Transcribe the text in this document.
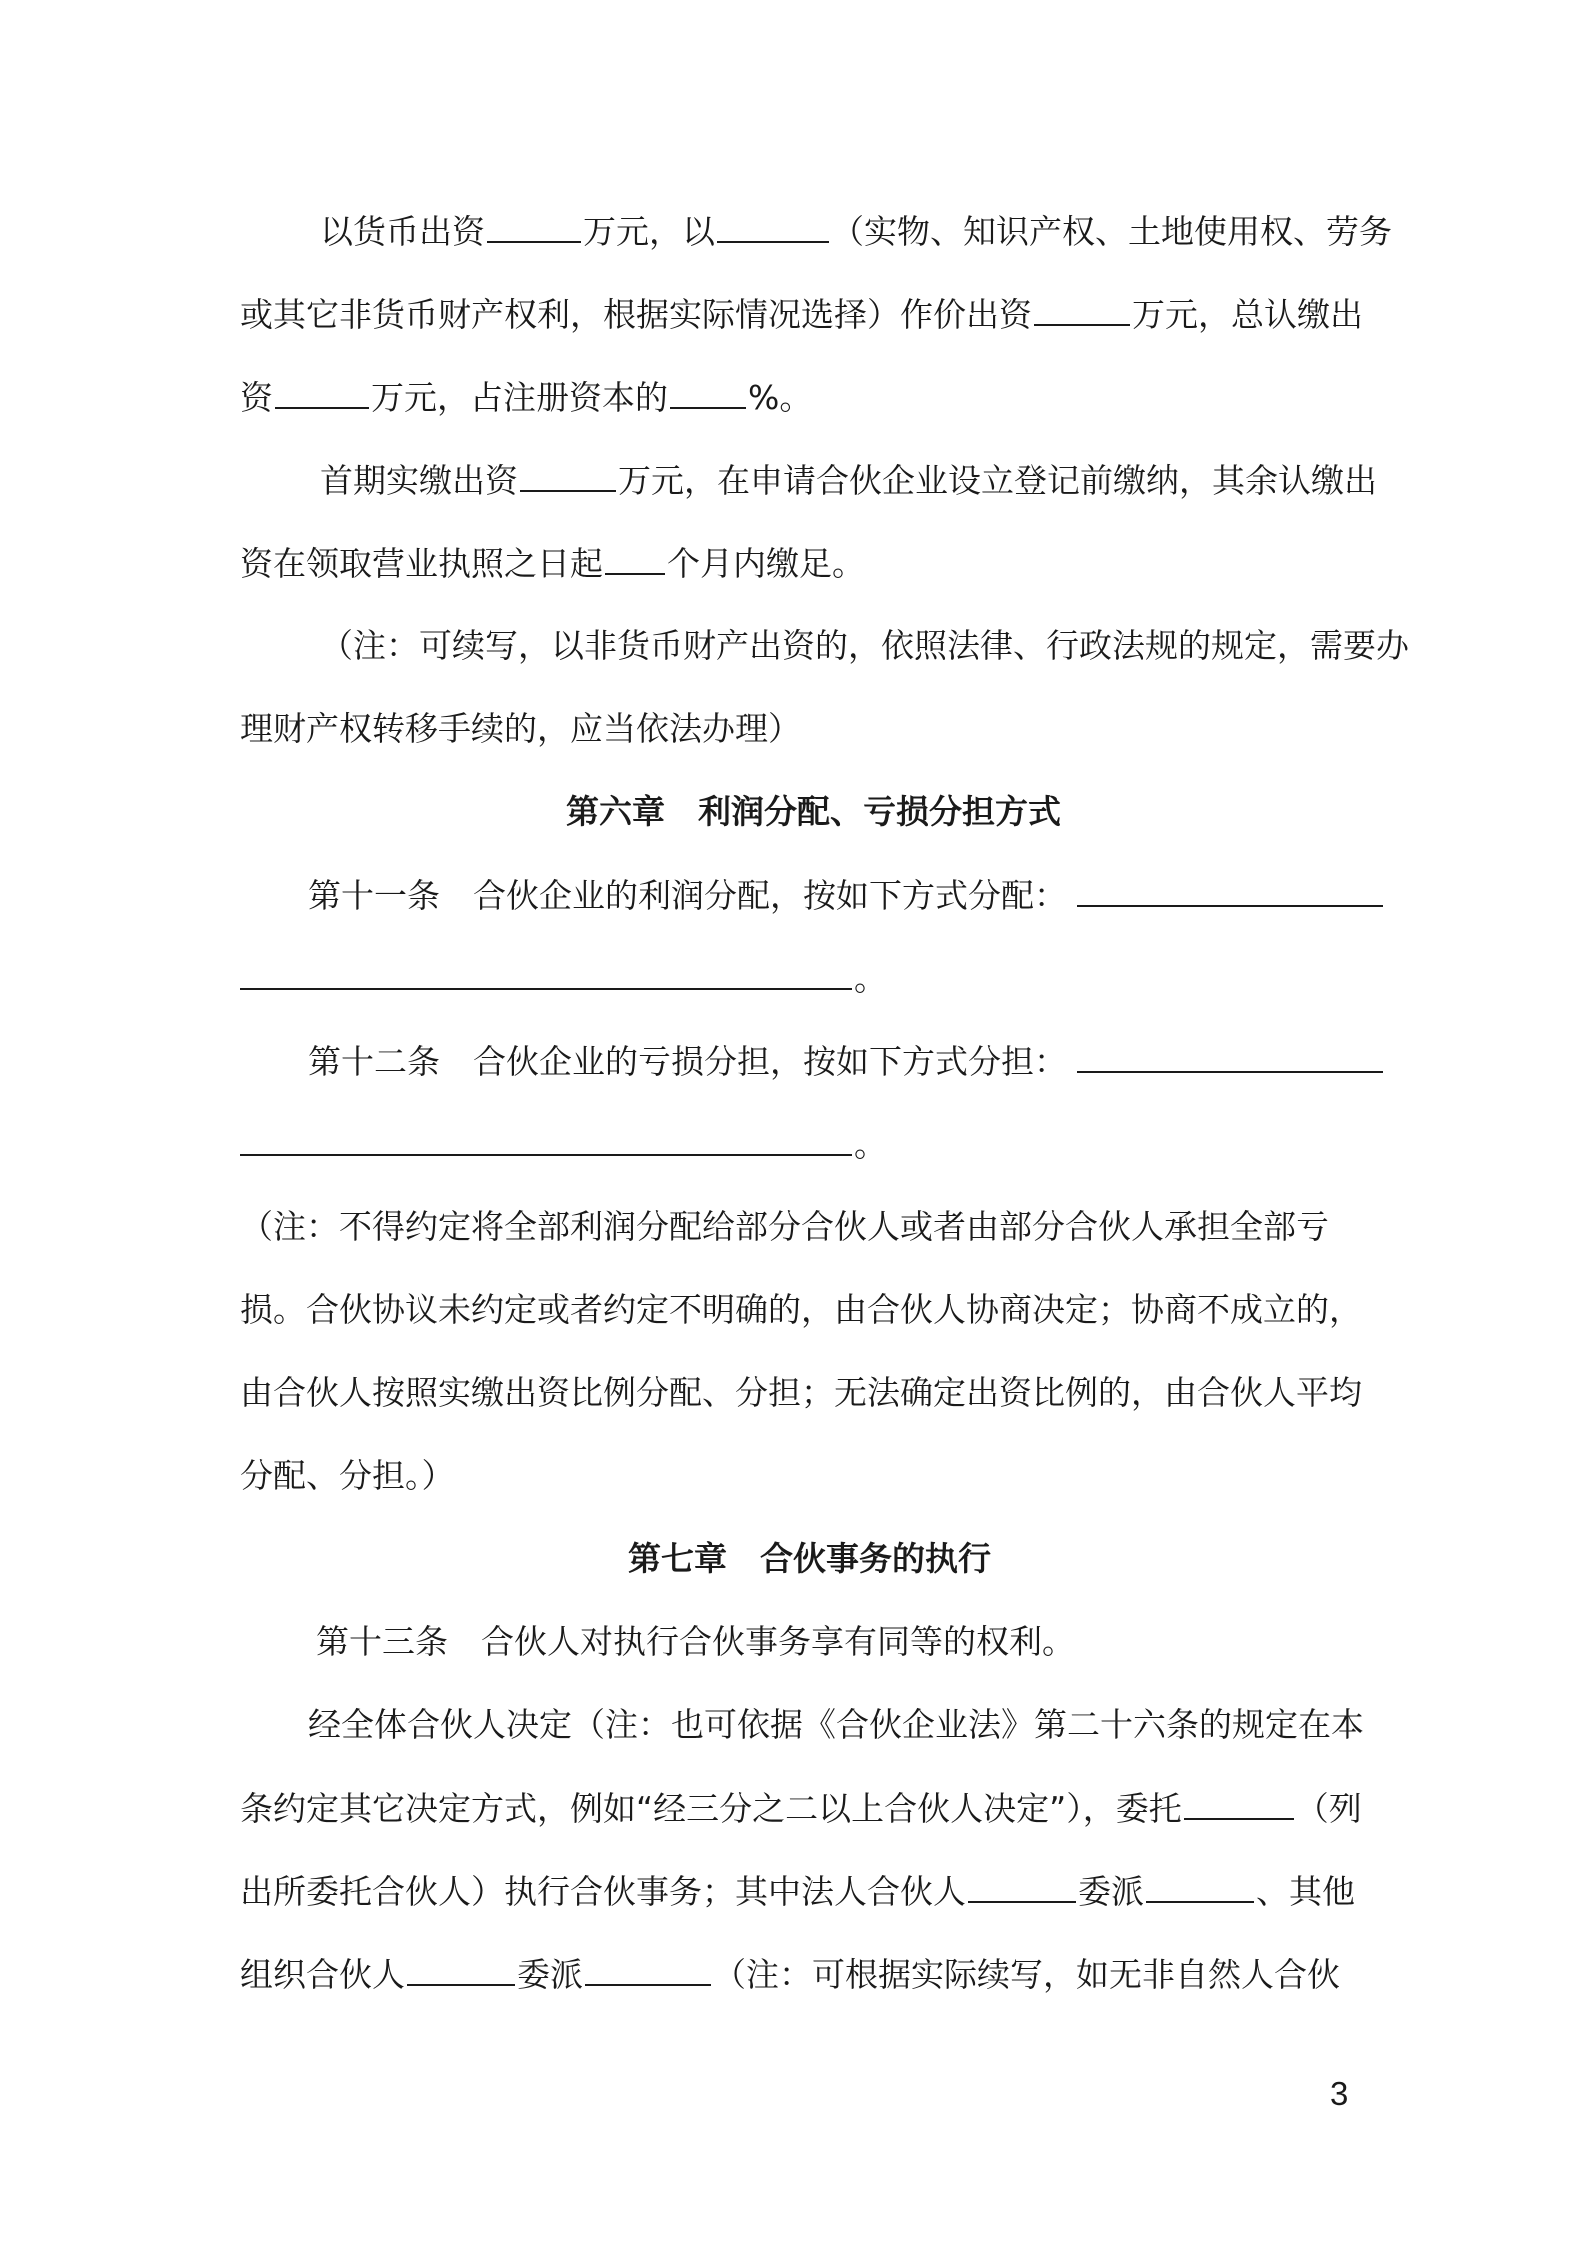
以货币出资	万元，以	（实物、知识产权、土地使用权、劳务
或其它非货币财产权利，根据实际情况选择）作价出资	万元，总认缴出
资	万元，占注册资本的 %。
首期实缴出资	万元，在申请合伙企业设立登记前缴纳，其余认缴出
资在领取营业执照之日起 个月内缴足。
（注：可续写，以非货币财产出资的，依照法律、行政法规的规定，需要办
理财产权转移手续的，应当依法办理）
第六章　利润分配、亏损分担方式
第十一条　合伙企业的利润分配，按如下方式分配：
。
第十二条　合伙企业的亏损分担，按如下方式分担：
。
（注：不得约定将全部利润分配给部分合伙人或者由部分合伙人承担全部亏
损。合伙协议未约定或者约定不明确的，由合伙人协商决定；协商不成立的，
由合伙人按照实缴出资比例分配、分担；无法确定出资比例的，由合伙人平均
分配、分担。）
第七章　合伙事务的执行
第十三条　合伙人对执行合伙事务享有同等的权利。
经全体合伙人决定（注：也可依据《合伙企业法》第二十六条的规定在本
条约定其它决定方式，例如“经三分之二以上合伙人决定”），委托	（列
出所委托合伙人）执行合伙事务；其中法人合伙人	委派	、其他
组织合伙人	委派	（注：可根据实际续写，如无非自然人合伙
3
